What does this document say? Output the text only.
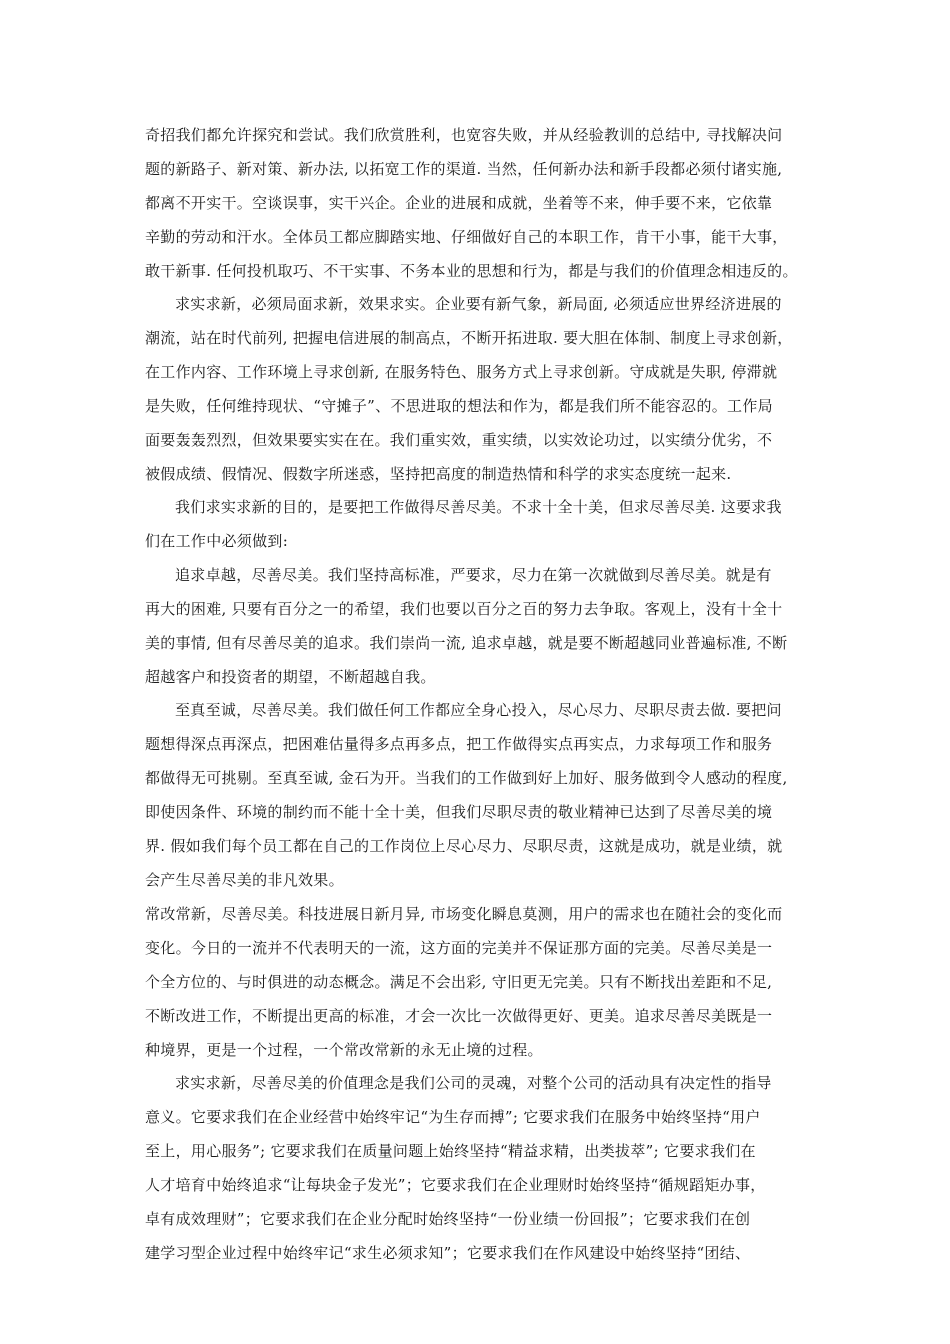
奇招我们都允许探究和尝试。我们欣赏胜利，也宽容失败，并从经验教训的总结中, 寻找解决问
题的新路子、新对策、新办法, 以拓宽工作的渠道. 当然，任何新办法和新手段都必须付诸实施,
都离不开实干。空谈误事，实干兴企。企业的进展和成就，坐着等不来，伸手要不来，它依靠
辛勤的劳动和汗水。全体员工都应脚踏实地、仔细做好自己的本职工作，肯干小事，能干大事，
敢干新事. 任何投机取巧、不干实事、不务本业的思想和行为，都是与我们的价值理念相违反的。
求实求新，必须局面求新，效果求实。企业要有新气象，新局面, 必须适应世界经济进展的
潮流，站在时代前列, 把握电信进展的制高点，不断开拓进取. 要大胆在体制、制度上寻求创新，
在工作内容、工作环境上寻求创新, 在服务特色、服务方式上寻求创新。守成就是失职, 停滞就
是失败，任何维持现状、“守摊子”、不思进取的想法和作为，都是我们所不能容忍的。工作局
面要轰轰烈烈，但效果要实实在在。我们重实效，重实绩，以实效论功过，以实绩分优劣，不
被假成绩、假情况、假数字所迷惑，坚持把高度的制造热情和科学的求实态度统一起来.
我们求实求新的目的，是要把工作做得尽善尽美。不求十全十美，但求尽善尽美. 这要求我
们在工作中必须做到:
追求卓越，尽善尽美。我们坚持高标准，严要求，尽力在第一次就做到尽善尽美。就是有
再大的困难, 只要有百分之一的希望，我们也要以百分之百的努力去争取。客观上，没有十全十
美的事情, 但有尽善尽美的追求。我们崇尚一流, 追求卓越，就是要不断超越同业普遍标准, 不断
超越客户和投资者的期望，不断超越自我。
至真至诚，尽善尽美。我们做任何工作都应全身心投入，尽心尽力、尽职尽责去做. 要把问
题想得深点再深点，把困难估量得多点再多点，把工作做得实点再实点，力求每项工作和服务
都做得无可挑剔。至真至诚, 金石为开。当我们的工作做到好上加好、服务做到令人感动的程度,
即使因条件、环境的制约而不能十全十美，但我们尽职尽责的敬业精神已达到了尽善尽美的境
界. 假如我们每个员工都在自己的工作岗位上尽心尽力、尽职尽责，这就是成功，就是业绩，就
会产生尽善尽美的非凡效果。
常改常新，尽善尽美。科技进展日新月异, 市场变化瞬息莫测，用户的需求也在随社会的变化而
变化。今日的一流并不代表明天的一流，这方面的完美并不保证那方面的完美。尽善尽美是一
个全方位的、与时俱进的动态概念。满足不会出彩, 守旧更无完美。只有不断找出差距和不足,
不断改进工作，不断提出更高的标准，才会一次比一次做得更好、更美。追求尽善尽美既是一
种境界，更是一个过程，一个常改常新的永无止境的过程。
求实求新，尽善尽美的价值理念是我们公司的灵魂，对整个公司的活动具有决定性的指导
意义。它要求我们在企业经营中始终牢记“为生存而搏”; 它要求我们在服务中始终坚持“用户
至上，用心服务”; 它要求我们在质量问题上始终坚持“精益求精，出类拔萃”; 它要求我们在
人才培育中始终追求“让每块金子发光”；它要求我们在企业理财时始终坚持“循规蹈矩办事，
卓有成效理财”；它要求我们在企业分配时始终坚持“一份业绩一份回报”；它要求我们在创
建学习型企业过程中始终牢记“求生必须求知”；它要求我们在作风建设中始终坚持“团结、
